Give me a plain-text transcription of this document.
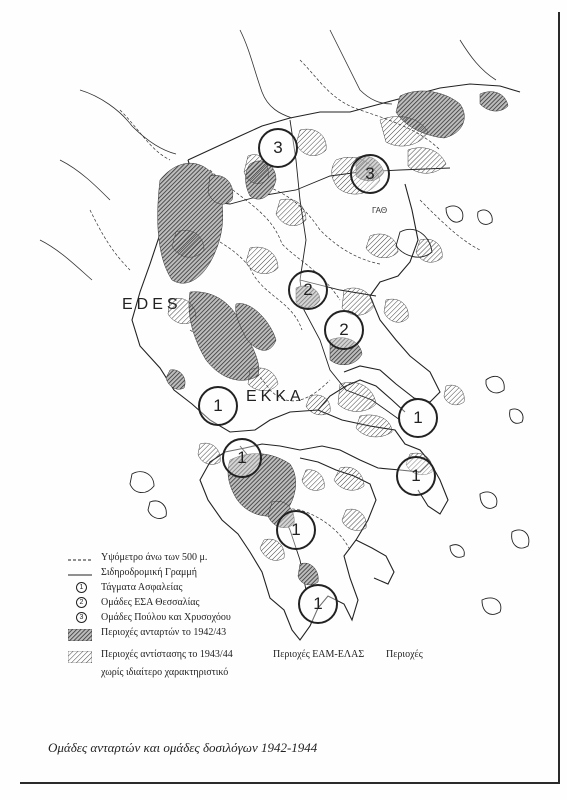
EDES
EKKA
ΓΑΘ
3
3
2
2
1
1
1
1
1
1
Υψόμετρο άνω των 500 μ.
Σιδηροδρομική Γραμμή
1	Τάγματα Ασφαλείας
2	Ομάδες ΕΣΑ Θεσσαλίας
3	Ομάδες Πούλου και Χρυσοχόου
Περιοχές ανταρτών το 1942/43
Περιοχές αντίστασης το 1943/44	Περιοχές ΕΑΜ-ΕΛΑΣ Περιοχές
χωρίς ιδιαίτερο χαρακτηριστικό
Ομάδες ανταρτών και ομάδες δοσιλόγων 1942-1944
